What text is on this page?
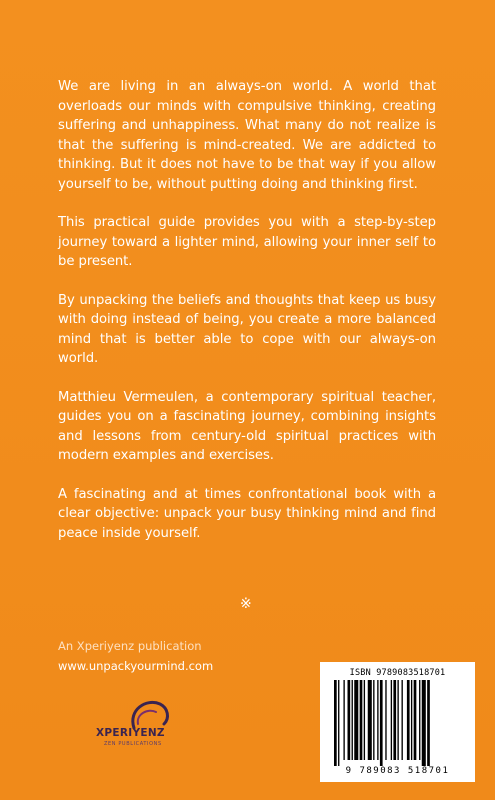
We are living in an always-on world. A world that overloads our minds with compulsive thinking, creating suffering and unhappiness. What many do not realize is that the suffering is mind-created. We are addicted to thinking. But it does not have to be that way if you allow yourself to be, without putting doing and thinking first.

This practical guide provides you with a step-by-step journey toward a lighter mind, allowing your inner self to be present.

By unpacking the beliefs and thoughts that keep us busy with doing instead of being, you create a more balanced mind that is better able to cope with our always-on world.

Matthieu Vermeulen, a contemporary spiritual teacher, guides you on a fascinating journey, combining insights and lessons from century-old spiritual practices with modern examples and exercises.

A fascinating and at times confrontational book with a clear objective: unpack your busy thinking mind and find peace inside yourself.

※
An Xperiyenz publication
www.unpackyourmind.com
XPERIYENZ
ZEN PUBLICATIONS
ISBN 9789083518701
9 789083 518701
